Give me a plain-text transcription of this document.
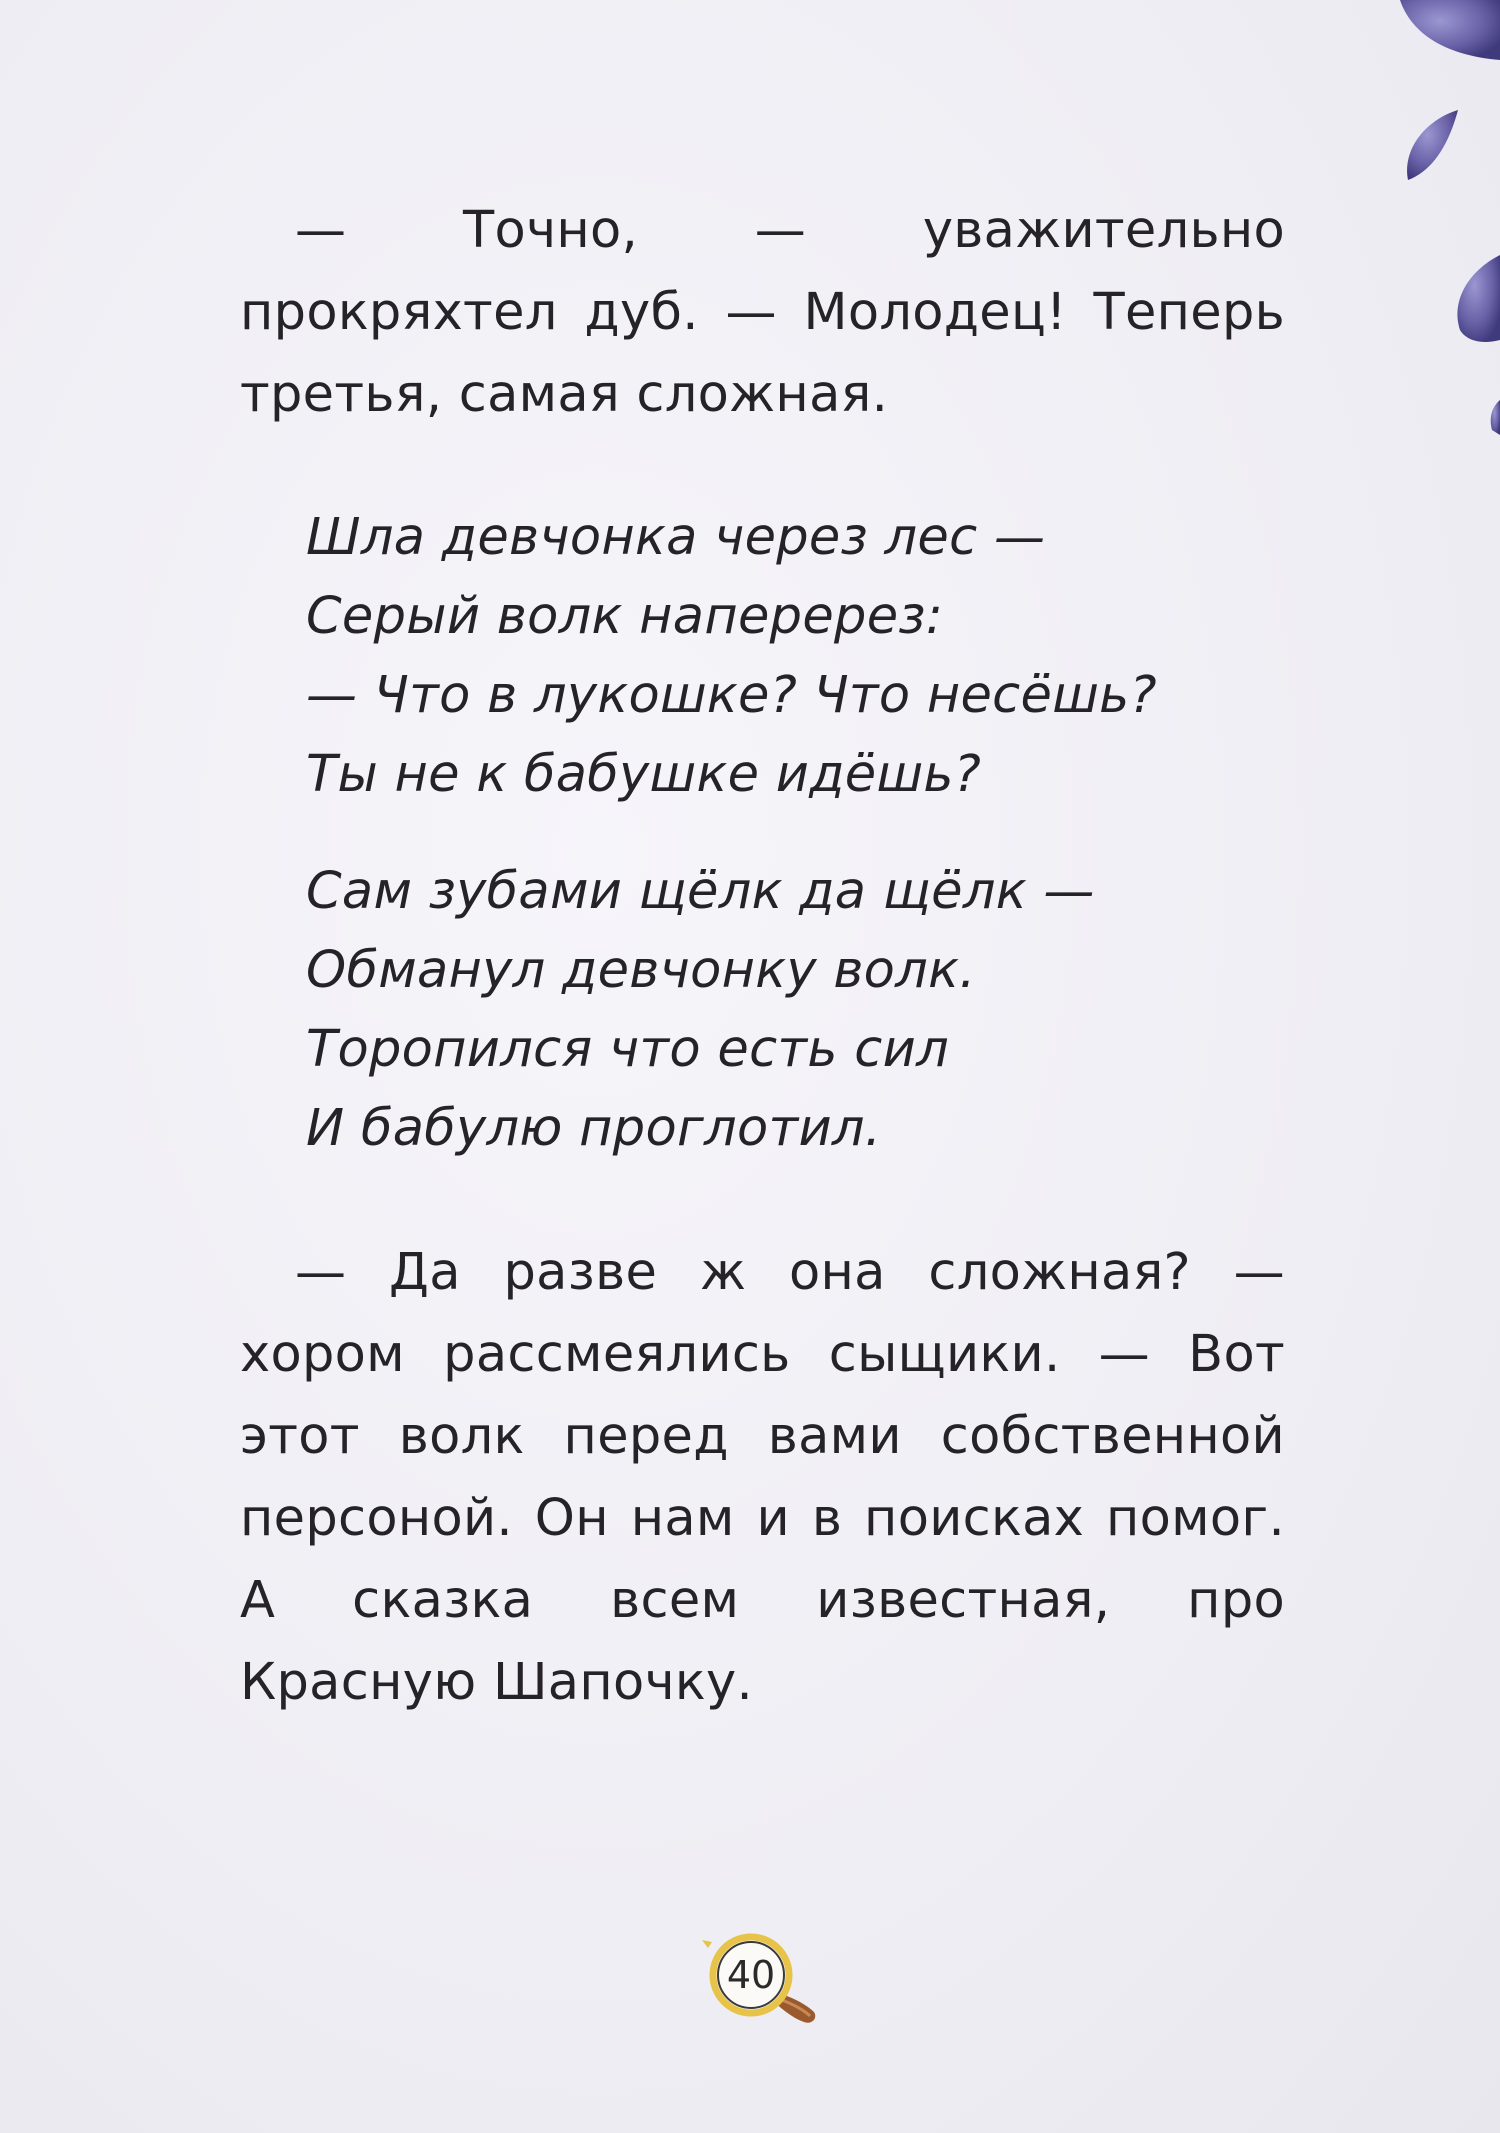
— Точно, — уважительно прокряхтел дуб. — Молодец! Теперь третья, самая сложная.

Шла девчонка через лес —
Серый волк наперерез:
— Что в лукошке? Что несёшь?
Ты не к бабушке идёшь?
Сам зубами щёлк да щёлк —
Обманул девчонку волк.
Торопился что есть сил
И бабулю проглотил.

— Да разве ж она сложная? — хором рассмеялись сыщики. — Вот этот волк перед вами собственной персоной. Он нам и в поисках помог. А сказка всем известная, про Красную Шапочку.

40
